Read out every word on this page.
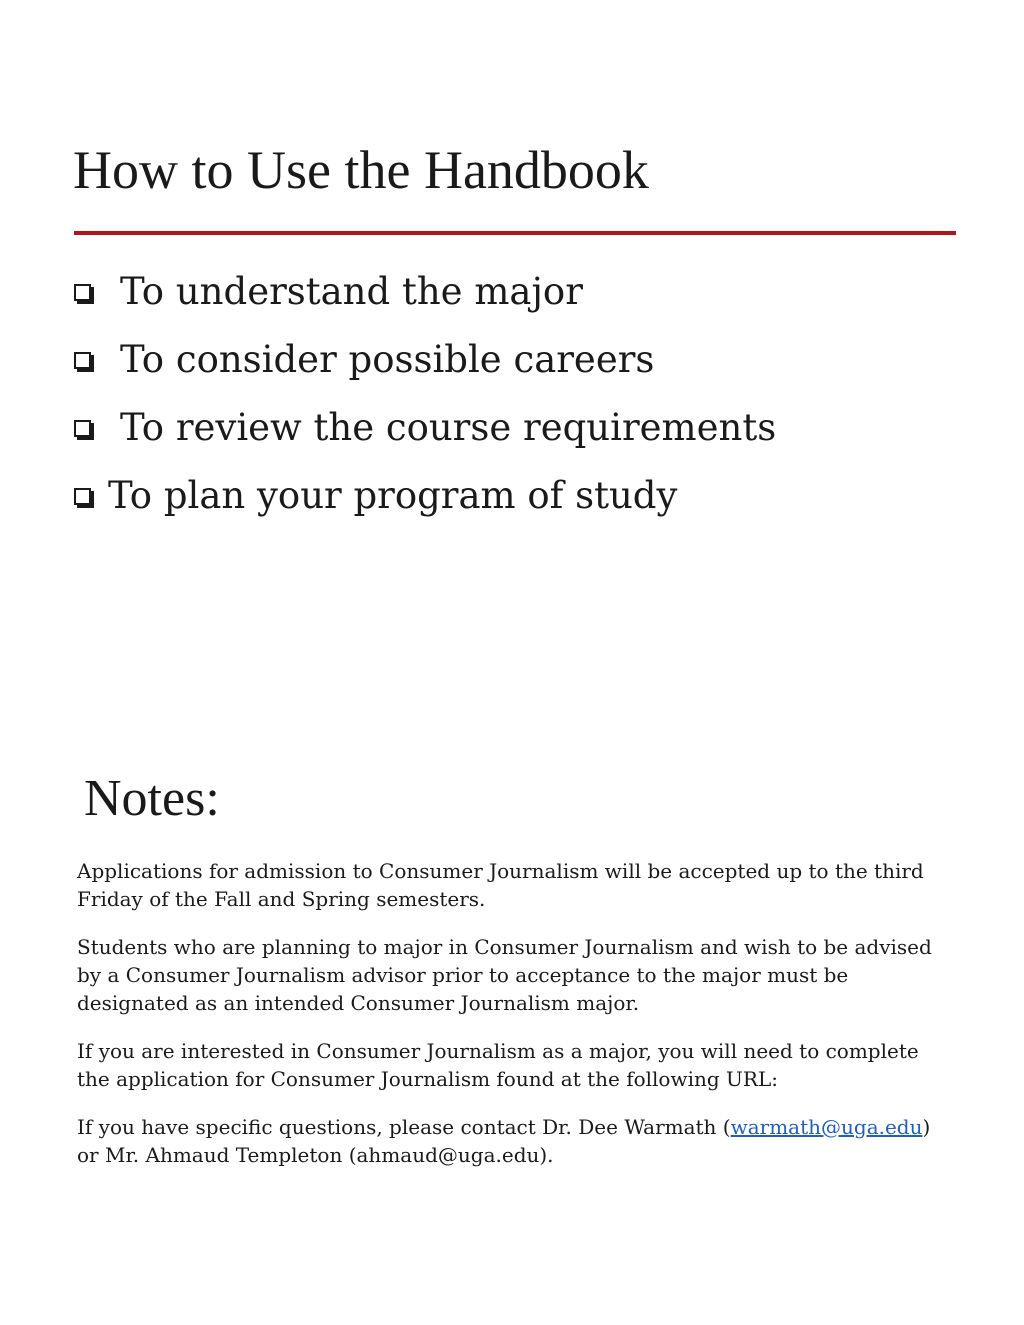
How to Use the Handbook
To understand the major
To consider possible careers
To review the course requirements
To plan your program of study
Notes:

Applications for admission to Consumer Journalism will be accepted up to the third Friday of the Fall and Spring semesters.

Students who are planning to major in Consumer Journalism and wish to be advised by a Consumer Journalism advisor prior to acceptance to the major must be designated as an intended Consumer Journalism major.

If you are interested in Consumer Journalism as a major, you will need to complete the application for Consumer Journalism found at the following URL:

If you have specific questions, please contact Dr. Dee Warmath (warmath@uga.edu) or Mr. Ahmaud Templeton (ahmaud@uga.edu).
